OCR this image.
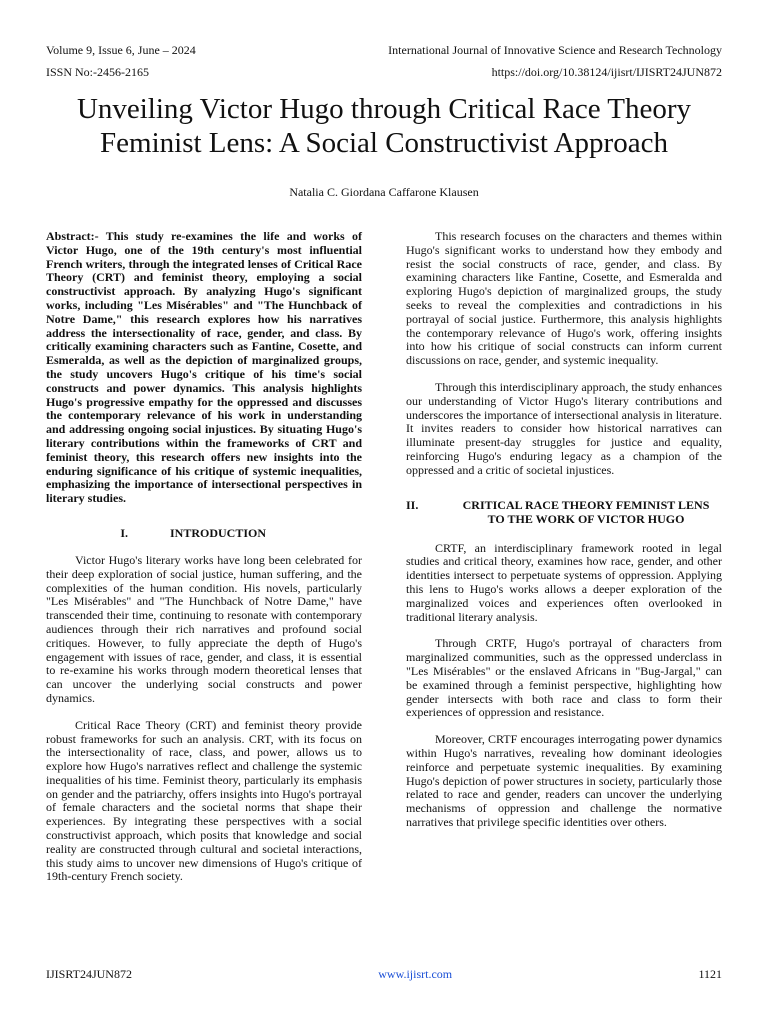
Volume 9, Issue 6, June – 2024	International Journal of Innovative Science and Research Technology
ISSN No:-2456-2165	https://doi.org/10.38124/ijisrt/IJISRT24JUN872
Unveiling Victor Hugo through Critical Race Theory Feminist Lens: A Social Constructivist Approach
Natalia C. Giordana Caffarone Klausen

Abstract:- This study re-examines the life and works of Victor Hugo, one of the 19th century's most influential French writers, through the integrated lenses of Critical Race Theory (CRT) and feminist theory, employing a social constructivist approach. By analyzing Hugo's significant works, including "Les Misérables" and "The Hunchback of Notre Dame," this research explores how his narratives address the intersectionality of race, gender, and class. By critically examining characters such as Fantine, Cosette, and Esmeralda, as well as the depiction of marginalized groups, the study uncovers Hugo's critique of his time's social constructs and power dynamics. This analysis highlights Hugo's progressive empathy for the oppressed and discusses the contemporary relevance of his work in understanding and addressing ongoing social injustices. By situating Hugo's literary contributions within the frameworks of CRT and feminist theory, this research offers new insights into the enduring significance of his critique of systemic inequalities, emphasizing the importance of intersectional perspectives in literary studies.

I.	INTRODUCTION

Victor Hugo's literary works have long been celebrated for their deep exploration of social justice, human suffering, and the complexities of the human condition. His novels, particularly "Les Misérables" and "The Hunchback of Notre Dame," have transcended their time, continuing to resonate with contemporary audiences through their rich narratives and profound social critiques. However, to fully appreciate the depth of Hugo's engagement with issues of race, gender, and class, it is essential to re-examine his works through modern theoretical lenses that can uncover the underlying social constructs and power dynamics.

Critical Race Theory (CRT) and feminist theory provide robust frameworks for such an analysis. CRT, with its focus on the intersectionality of race, class, and power, allows us to explore how Hugo's narratives reflect and challenge the systemic inequalities of his time. Feminist theory, particularly its emphasis on gender and the patriarchy, offers insights into Hugo's portrayal of female characters and the societal norms that shape their experiences. By integrating these perspectives with a social constructivist approach, which posits that knowledge and social reality are constructed through cultural and societal interactions, this study aims to uncover new dimensions of Hugo's critique of 19th-century French society.

This research focuses on the characters and themes within Hugo's significant works to understand how they embody and resist the social constructs of race, gender, and class. By examining characters like Fantine, Cosette, and Esmeralda and exploring Hugo's depiction of marginalized groups, the study seeks to reveal the complexities and contradictions in his portrayal of social justice. Furthermore, this analysis highlights the contemporary relevance of Hugo's work, offering insights into how his critique of social constructs can inform current discussions on race, gender, and systemic inequality.

Through this interdisciplinary approach, the study enhances our understanding of Victor Hugo's literary contributions and underscores the importance of intersectional analysis in literature. It invites readers to consider how historical narratives can illuminate present-day struggles for justice and equality, reinforcing Hugo's enduring legacy as a champion of the oppressed and a critic of societal injustices.

II.	CRITICAL RACE THEORY FEMINIST LENS
TO THE WORK OF VICTOR HUGO

CRTF, an interdisciplinary framework rooted in legal studies and critical theory, examines how race, gender, and other identities intersect to perpetuate systems of oppression. Applying this lens to Hugo's works allows a deeper exploration of the marginalized voices and experiences often overlooked in traditional literary analysis.

Through CRTF, Hugo's portrayal of characters from marginalized communities, such as the oppressed underclass in "Les Misérables" or the enslaved Africans in "Bug-Jargal," can be examined through a feminist perspective, highlighting how gender intersects with both race and class to form their experiences of oppression and resistance.

Moreover, CRTF encourages interrogating power dynamics within Hugo's narratives, revealing how dominant ideologies reinforce and perpetuate systemic inequalities. By examining Hugo's depiction of power structures in society, particularly those related to race and gender, readers can uncover the underlying mechanisms of oppression and challenge the normative narratives that privilege specific identities over others.

IJISRT24JUN872	www.ijisrt.com	1121
